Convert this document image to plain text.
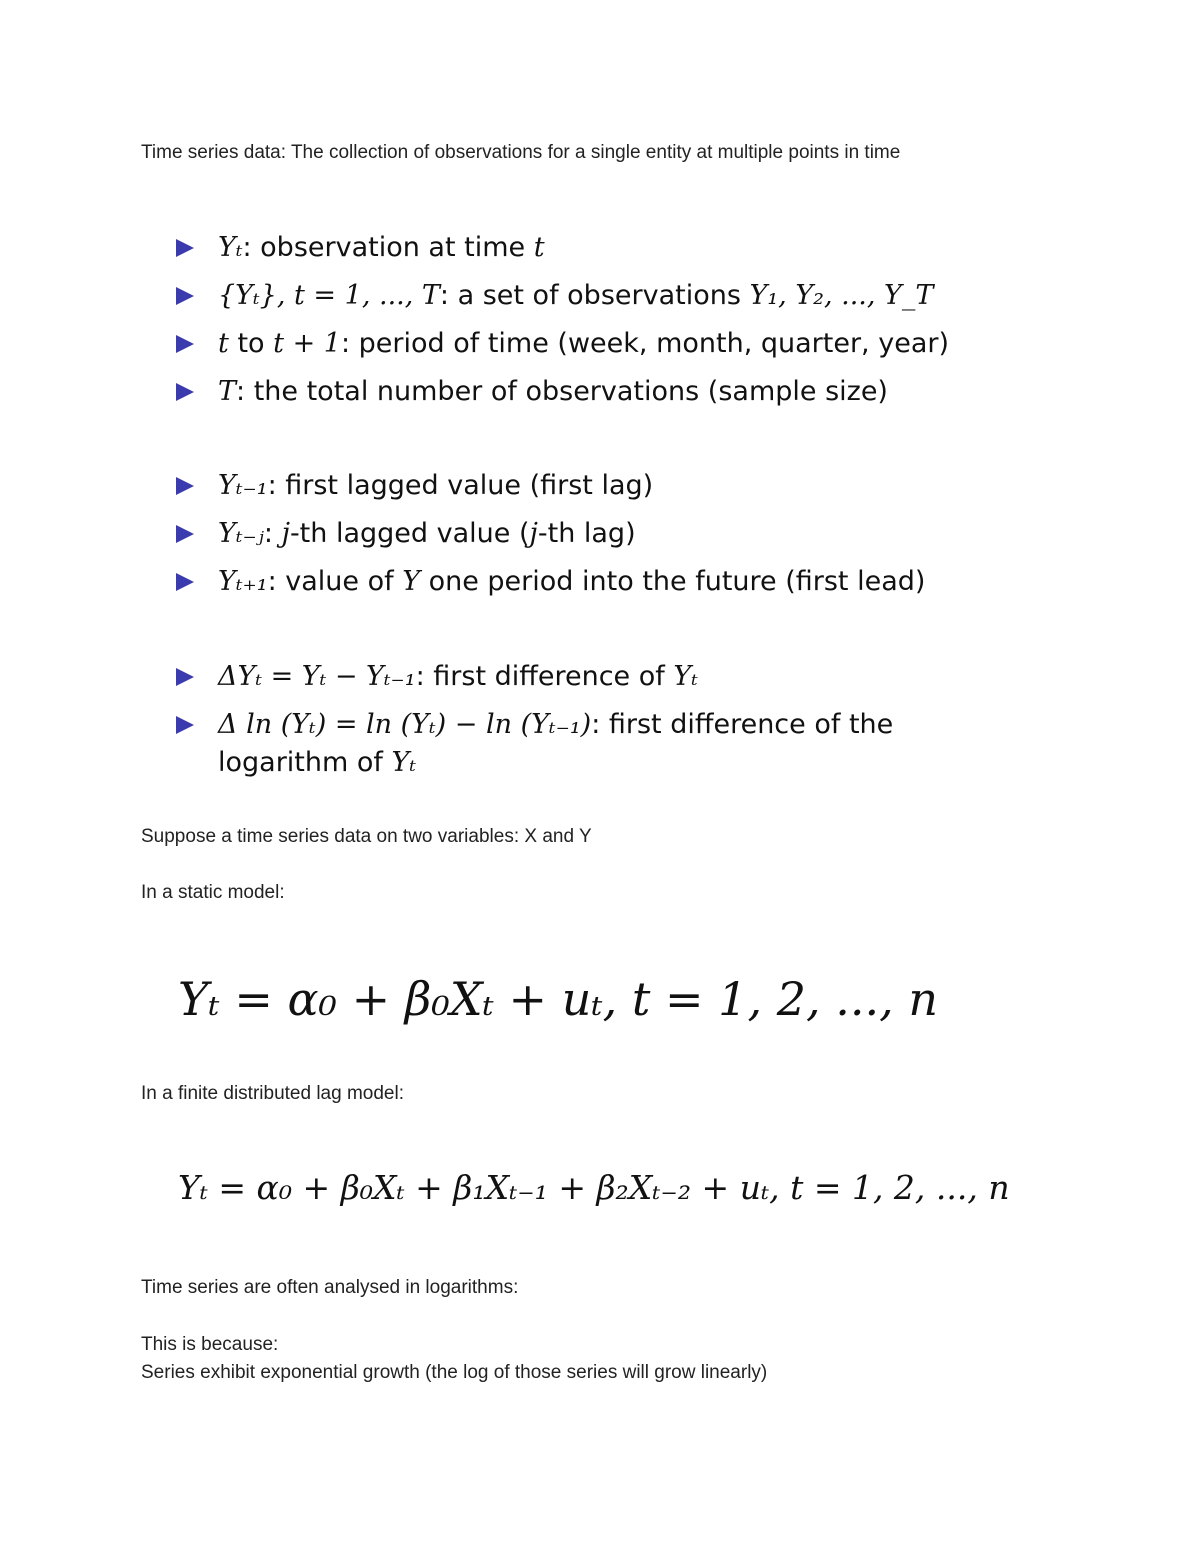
Time series data: The collection of observations for a single entity at multiple points in time

Yₜ: observation at time t
{Yₜ}, t = 1, ..., T: a set of observations Y₁, Y₂, ..., Y_T
t to t + 1: period of time (week, month, quarter, year)
T: the total number of observations (sample size)
Yₜ₋₁: first lagged value (first lag)
Yₜ₋ⱼ: j-th lagged value (j-th lag)
Yₜ₊₁: value of Y one period into the future (first lead)
ΔYₜ = Yₜ − Yₜ₋₁: first difference of Yₜ
Δ ln (Yₜ) = ln (Yₜ) − ln (Yₜ₋₁): first difference of the
logarithm of Yₜ

Suppose a time series data on two variables: X and Y

In a static model:

Yₜ = α₀ + β₀Xₜ + uₜ, t = 1, 2, ..., n

In a finite distributed lag model:

Yₜ = α₀ + β₀Xₜ + β₁Xₜ₋₁ + β₂Xₜ₋₂ + uₜ, t = 1, 2, ..., n

Time series are often analysed in logarithms:

This is because:

Series exhibit exponential growth (the log of those series will grow linearly)
